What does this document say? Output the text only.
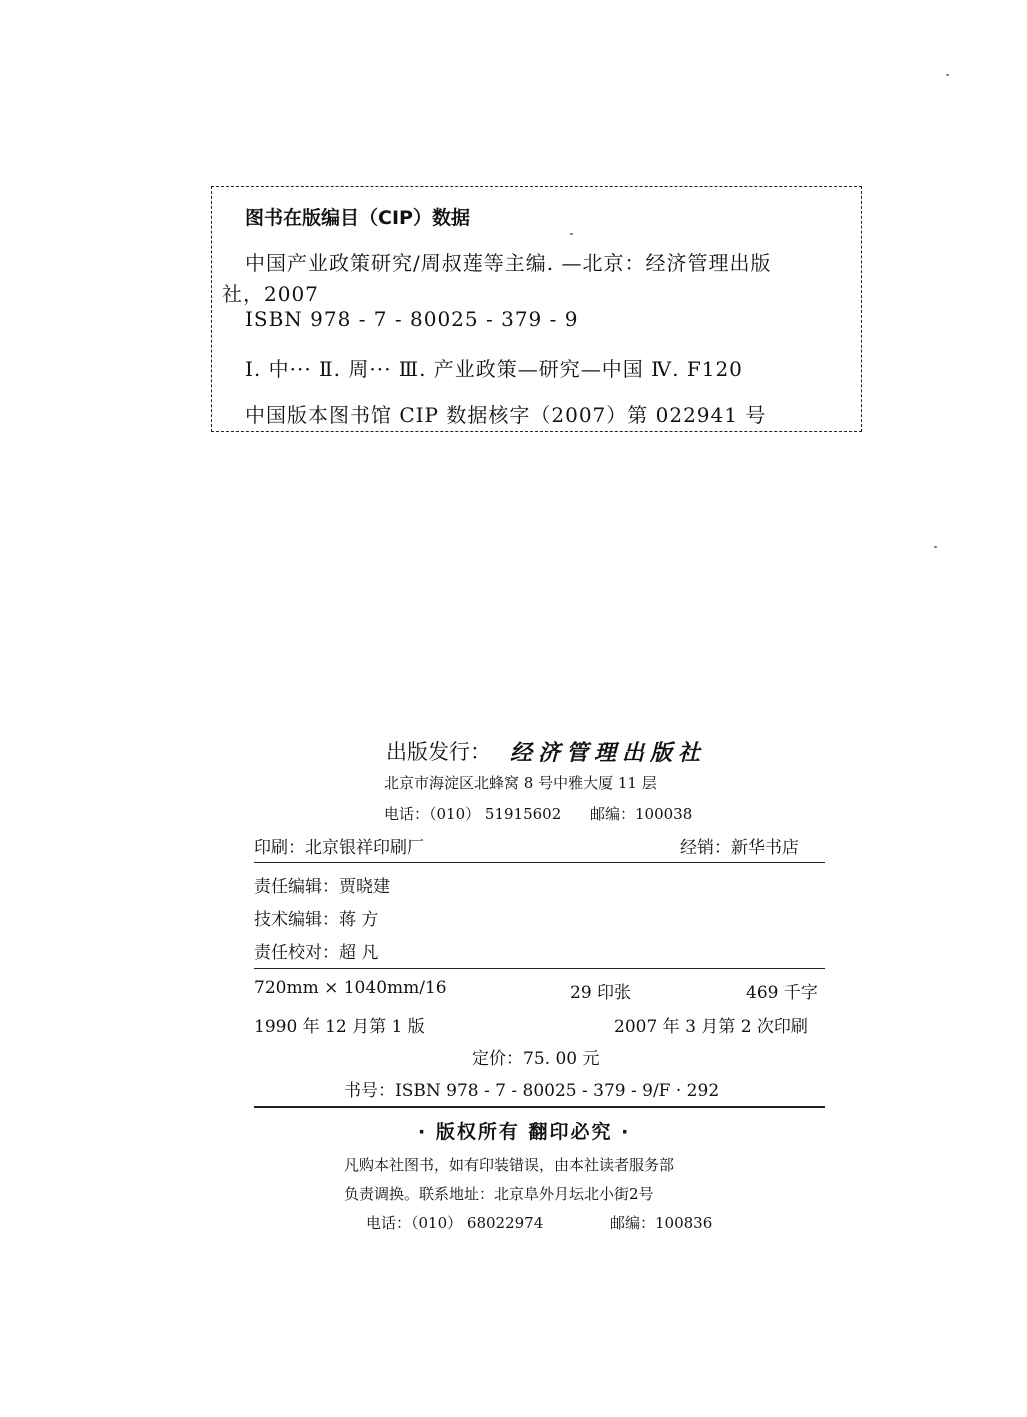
图书在版编目（CIP）数据
中国产业政策研究/周叔莲等主编. —北京：经济管理出版
社，2007
ISBN 978 - 7 - 80025 - 379 - 9
Ⅰ. 中··· Ⅱ. 周··· Ⅲ. 产业政策—研究—中国 Ⅳ. F120
中国版本图书馆 CIP 数据核字（2007）第 022941 号
出版发行： 经济管理出版社
北京市海淀区北蜂窝 8 号中雅大厦 11 层
电话：（010） 51915602 邮编：100038
印刷：北京银祥印刷厂	经销：新华书店
责任编辑：贾晓建
技术编辑：蒋 方
责任校对：超 凡
720mm × 1040mm/16	29 印张	469 千字
1990 年 12 月第 1 版	2007 年 3 月第 2 次印刷
定价：75. 00 元
书号：ISBN 978 - 7 - 80025 - 379 - 9/F · 292
· 版权所有 翻印必究 ·
凡购本社图书，如有印装错误，由本社读者服务部
负责调换。联系地址：北京阜外月坛北小街2号
电话：（010） 68022974	邮编：100836
